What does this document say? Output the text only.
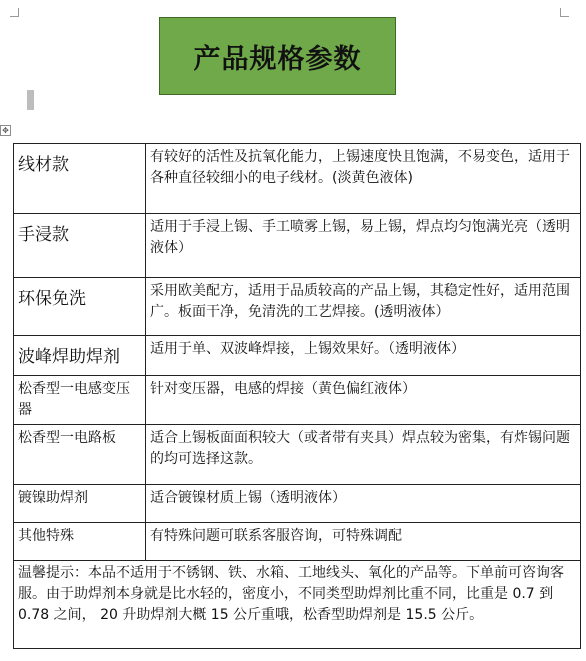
产品规格参数
✥
线材款	有较好的活性及抗氧化能力，上锡速度快且饱满，不易变色，适用于各种直径较细小的电子线材。(淡黄色液体)
手浸款	适用于手浸上锡、手工喷雾上锡，易上锡，焊点均匀饱满光亮（透明液体）
环保免洗	采用欧美配方，适用于品质较高的产品上锡，其稳定性好，适用范围广。板面干净，免清洗的工艺焊接。(透明液体）
波峰焊助焊剂	适用于单、双波峰焊接，上锡效果好。（透明液体）
松香型一电感变压器	针对变压器，电感的焊接（黄色偏红液体）
松香型一电路板	适合上锡板面面积较大（或者带有夹具）焊点较为密集，有炸锡问题的均可选择这款。
镀镍助焊剂	适合镀镍材质上锡（透明液体）
其他特殊	有特殊问题可联系客服咨询，可特殊调配

温馨提示：本品不适用于不锈钢、铁、水箱、工地线头、氧化的产品等。下单前可咨询客服。由于助焊剂本身就是比水轻的，密度小，不同类型助焊剂比重不同，比重是 0.7 到 0.78 之间， 20 升助焊剂大概 15 公斤重哦，松香型助焊剂是 15.5 公斤。	
